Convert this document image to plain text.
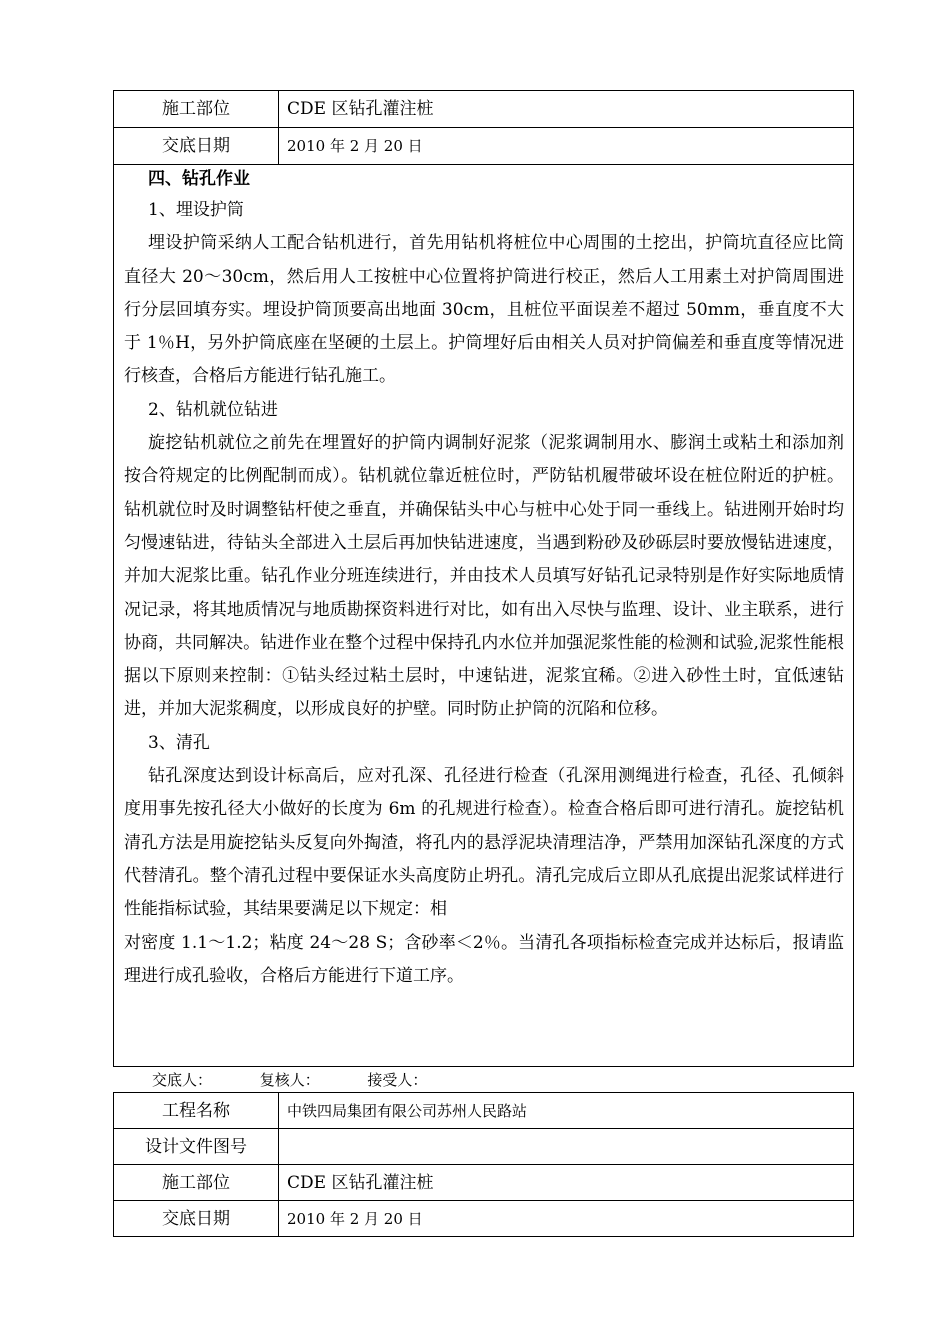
施工部位	CDE 区钻孔灌注桩
交底日期	2010 年 2 月 20 日
四、钻孔作业
1、埋设护筒

埋设护筒采纳人工配合钻机进行，首先用钻机将桩位中心周围的土挖出，护筒坑直径应比筒直径大 20～30cm，然后用人工按桩中心位置将护筒进行校正，然后人工用素土对护筒周围进行分层回填夯实。埋设护筒顶要高出地面 30cm，且桩位平面误差不超过 50mm，垂直度不大于 1％H，另外护筒底座在坚硬的土层上。护筒埋好后由相关人员对护筒偏差和垂直度等情况进行核查，合格后方能进行钻孔施工。

2、钻机就位钻进

旋挖钻机就位之前先在埋置好的护筒内调制好泥浆（泥浆调制用水、膨润土或粘土和添加剂按合符规定的比例配制而成）。钻机就位靠近桩位时，严防钻机履带破坏设在桩位附近的护桩。钻机就位时及时调整钻杆使之垂直，并确保钻头中心与桩中心处于同一垂线上。钻进刚开始时均匀慢速钻进，待钻头全部进入土层后再加快钻进速度，当遇到粉砂及砂砾层时要放慢钻进速度，并加大泥浆比重。钻孔作业分班连续进行，并由技术人员填写好钻孔记录特别是作好实际地质情况记录，将其地质情况与地质勘探资料进行对比，如有出入尽快与监理、设计、业主联系，进行协商，共同解决。钻进作业在整个过程中保持孔内水位并加强泥浆性能的检测和试验,泥浆性能根据以下原则来控制：①钻头经过粘土层时，中速钻进，泥浆宜稀。②进入砂性土时，宜低速钻进，并加大泥浆稠度，以形成良好的护壁。同时防止护筒的沉陷和位移。

3、清孔

钻孔深度达到设计标高后，应对孔深、孔径进行检查（孔深用测绳进行检查，孔径、孔倾斜度用事先按孔径大小做好的长度为 6m 的孔规进行检查）。检查合格后即可进行清孔。旋挖钻机清孔方法是用旋挖钻头反复向外掏渣，将孔内的悬浮泥块清理洁净，严禁用加深钻孔深度的方式代替清孔。整个清孔过程中要保证水头高度防止坍孔。清孔完成后立即从孔底提出泥浆试样进行性能指标试验，其结果要满足以下规定：相

对密度 1.1～1.2；粘度 24～28 S；含砂率＜2％。当清孔各项指标检查完成并达标后，报请监理进行成孔验收，合格后方能进行下道工序。

交底人：	复核人：	接受人：
工程名称	中铁四局集团有限公司苏州人民路站
设计文件图号	
施工部位	CDE 区钻孔灌注桩
交底日期	2010 年 2 月 20 日
